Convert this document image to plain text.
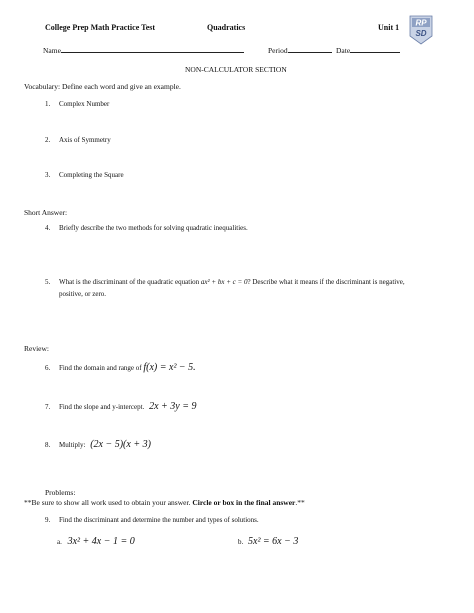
College Prep Math Practice Test	Quadratics	Unit 1 RP
SD
Name	Period	Date
NON-CALCULATOR SECTION
Vocabulary: Define each word and give an example.
1. Complex Number
2. Axis of Symmetry
3. Completing the Square
Short Answer:
4. Briefly describe the two methods for solving quadratic inequalities.
5. What is the discriminant of the quadratic equation ax² + bx + c = 0? Describe what it means if the discriminant is negative,
positive, or zero.
Review:
6. Find the domain and range of f(x) = x² − 5.
7. Find the slope and y-intercept. 2x + 3y = 9
8. Multiply: (2x − 5)(x + 3)
Problems:
**Be sure to show all work used to obtain your answer. Circle or box in the final answer.**
9. Find the discriminant and determine the number and types of solutions.
a. 3x² + 4x − 1 = 0	b. 5x² = 6x − 3
